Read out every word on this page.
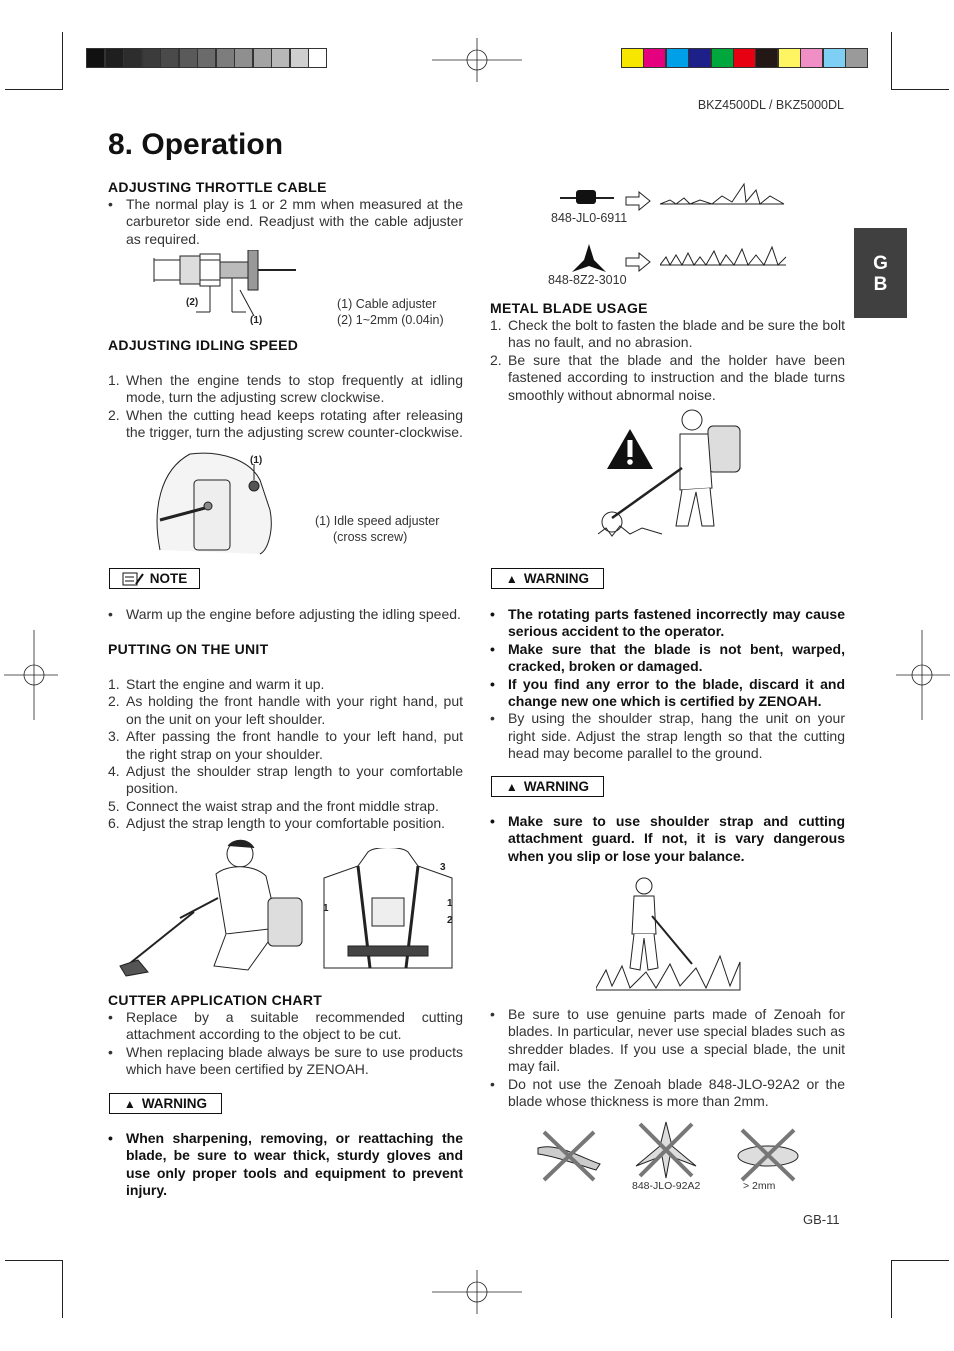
BKZ4500DL / BKZ5000DL
8. Operation
G
B
ADJUSTING THROTTLE CABLE
• The normal play is 1 or 2 mm when measured at the carburetor side end. Readjust with the cable adjuster as required.
(2)
(1)
(1) Cable adjuster
(2) 1~2mm (0.04in)
ADJUSTING IDLING SPEED
1. When the engine tends to stop frequently at idling mode, turn the adjusting screw clockwise.
2. When the cutting head keeps rotating after releasing the trigger, turn the adjusting screw counter-clockwise.
(1)
(1) Idle speed adjuster
(cross screw)
NOTE
• Warm up the engine before adjusting the idling speed.
PUTTING ON THE UNIT
1. Start the engine and warm it up.
2. As holding the front handle with your right hand, put on the unit on your left shoulder.
3. After passing the front handle to your left hand, put the right strap on your shoulder.
4. Adjust the shoulder strap length to your comfortable position.
5. Connect the waist strap and the front middle strap.
6. Adjust the strap length to your comfortable position.
3
1	1
2
CUTTER APPLICATION CHART
• Replace by a suitable recommended cutting attachment according to the object to be cut.
• When replacing blade always be sure to use products which have been certified by ZENOAH.
▲ WARNING
• When sharpening, removing, or reattaching the blade, be sure to wear thick, sturdy gloves and use only proper tools and equipment to prevent injury.
848-JL0-6911
848-8Z2-3010
METAL BLADE USAGE
1. Check the bolt to fasten the blade and be sure the bolt has no fault, and no abrasion.
2. Be sure that the blade and the holder have been fastened according to instruction and the blade turns smoothly without abnormal noise.
▲ WARNING
• The rotating parts fastened incorrectly may cause serious accident to the operator.
• Make sure that the blade is not bent, warped, cracked, broken or damaged.
• If you find any error to the blade, discard it and change new one which is certified by ZENOAH.
• By using the shoulder strap, hang the unit on your right side. Adjust the strap length so that the cutting head may become parallel to the ground.
▲ WARNING
• Make sure to use shoulder strap and cutting attachment guard. If not, it is vary dangerous when you slip or lose your balance.
• Be sure to use genuine parts made of Zenoah for blades. In particular, never use special blades such as shredder blades. If you use a special blade, the unit may fail.
• Do not use the Zenoah blade 848-JLO-92A2 or the blade whose thickness is more than 2mm.
848-JLO-92A2	> 2mm
GB-11
